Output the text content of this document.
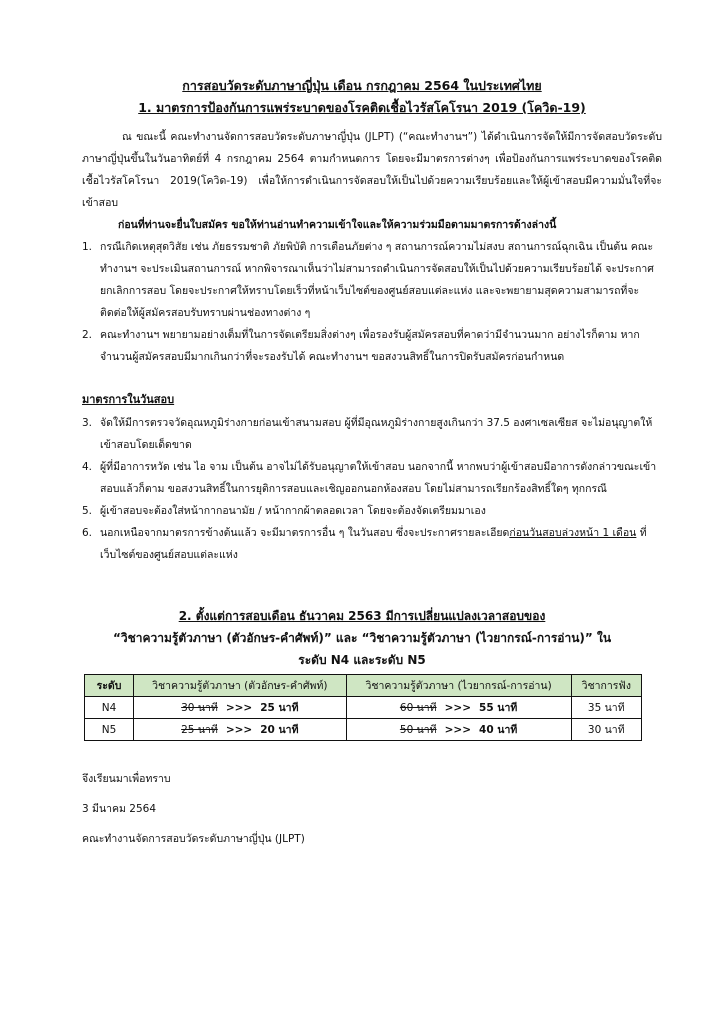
การสอบวัดระดับภาษาญี่ปุ่น เดือน กรกฎาคม 2564 ในประเทศไทย
1. มาตรการป้องกันการแพร่ระบาดของโรคติดเชื้อไวรัสโคโรนา 2019 (โควิด-19)
ณ ขณะนี้ คณะทำงานจัดการสอบวัดระดับภาษาญี่ปุ่น (JLPT) (“คณะทำงานฯ”) ได้ดำเนินการจัดให้มีการจัดสอบวัดระดับภาษาญี่ปุ่นขึ้นในวันอาทิตย์ที่ 4 กรกฎาคม 2564 ตามกำหนดการ โดยจะมีมาตรการต่างๆ เพื่อป้องกันการแพร่ระบาดของโรคติดเชื้อไวรัสโคโรนา 2019(โควิด-19) เพื่อให้การดำเนินการจัดสอบให้เป็นไปด้วยความเรียบร้อยและให้ผู้เข้าสอบมีความมั่นใจที่จะเข้าสอบ
ก่อนที่ท่านจะยื่นใบสมัคร ขอให้ท่านอ่านทำความเข้าใจและให้ความร่วมมือตามมาตรการด้างล่างนี้
1. กรณีเกิดเหตุสุดวิสัย เช่น ภัยธรรมชาติ ภัยพิบัติ การเตือนภัยต่าง ๆ สถานการณ์ความไม่สงบ สถานการณ์ฉุกเฉิน เป็นต้น คณะทำงานฯ จะประเมินสถานการณ์ หากพิจารณาเห็นว่าไม่สามารถดำเนินการจัดสอบให้เป็นไปด้วยความเรียบร้อยได้ จะประกาศยกเลิกการสอบ โดยจะประกาศให้ทราบโดยเร็วที่หน้าเว็บไซต์ของศูนย์สอบแต่ละแห่ง และจะพยายามสุดความสามารถที่จะติดต่อให้ผู้สมัครสอบรับทราบผ่านช่องทางต่าง ๆ
2. คณะทำงานฯ พยายามอย่างเต็มที่ในการจัดเตรียมสิ่งต่างๆ เพื่อรองรับผู้สมัครสอบที่คาดว่ามีจำนวนมาก อย่างไรก็ตาม หากจำนวนผู้สมัครสอบมีมากเกินกว่าที่จะรองรับได้ คณะทำงานฯ ขอสงวนสิทธิ์ในการปิดรับสมัครก่อนกำหนด
มาตรการในวันสอบ
3. จัดให้มีการตรวจวัดอุณหภูมิร่างกายก่อนเข้าสนามสอบ ผู้ที่มีอุณหภูมิร่างกายสูงเกินกว่า 37.5 องศาเซลเซียส จะไม่อนุญาตให้เข้าสอบโดยเด็ดขาด
4. ผู้ที่มีอาการหวัด เช่น ไอ จาม เป็นต้น อาจไม่ได้รับอนุญาตให้เข้าสอบ นอกจากนี้ หากพบว่าผู้เข้าสอบมีอาการดังกล่าวขณะเข้าสอบแล้วก็ตาม ขอสงวนสิทธิ์ในการยุติการสอบและเชิญออกนอกห้องสอบ โดยไม่สามารถเรียกร้องสิทธิ์ใดๆ ทุกกรณี
5. ผู้เข้าสอบจะต้องใส่หน้ากากอนามัย / หน้ากากผ้าตลอดเวลา โดยจะต้องจัดเตรียมมาเอง
6. นอกเหนือจากมาตรการข้างต้นแล้ว จะมีมาตรการอื่น ๆ ในวันสอบ ซึ่งจะประกาศรายละเอียดก่อนวันสอบล่วงหน้า 1 เดือน ที่เว็บไซต์ของศูนย์สอบแต่ละแห่ง
2. ตั้งแต่การสอบเดือน ธันวาคม 2563 มีการเปลี่ยนแปลงเวลาสอบของ
“วิชาความรู้ตัวภาษา (ตัวอักษร-คำศัพท์)” และ “วิชาความรู้ตัวภาษา (ไวยากรณ์-การอ่าน)” ใน
ระดับ N4 และระดับ N5
ระดับ	วิชาความรู้ตัวภาษา (ตัวอักษร-คำศัพท์)	วิชาความรู้ตัวภาษา (ไวยากรณ์-การอ่าน)	วิชาการฟัง
N4	30 นาที >>> 25 นาที	60 นาที >>> 55 นาที	35 นาที
N5	25 นาที >>> 20 นาที	50 นาที >>> 40 นาที	30 นาที
จึงเรียนมาเพื่อทราบ
3 มีนาคม 2564
คณะทำงานจัดการสอบวัดระดับภาษาญี่ปุ่น (JLPT)
